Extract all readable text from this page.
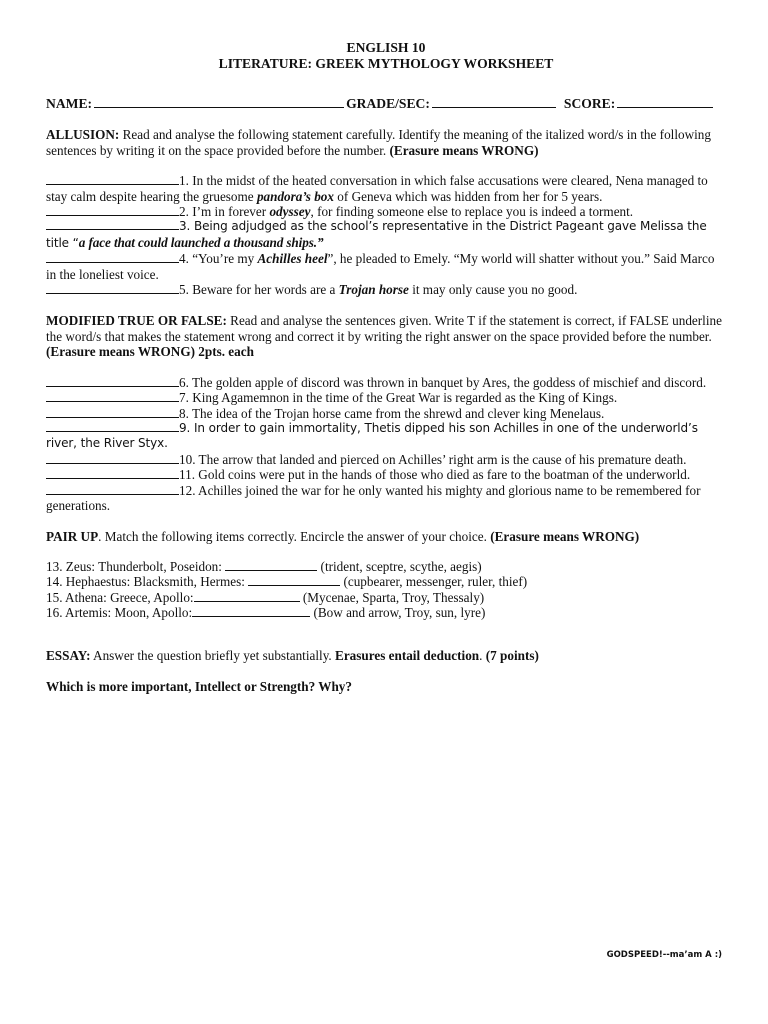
ENGLISH 10
LITERATURE: GREEK MYTHOLOGY WORKSHEET
NAME:	GRADE/SEC:	SCORE:

ALLUSION: Read and analyse the following statement carefully. Identify the meaning of the italized word/s in the following sentences by writing it on the space provided before the number. (Erasure means WRONG)

1. In the midst of the heated conversation in which false accusations were cleared, Nena managed to stay calm despite hearing the gruesome pandora’s box of Geneva which was hidden from her for 5 years.

2. I’m in forever odyssey, for finding someone else to replace you is indeed a torment.

3. Being adjudged as the school’s representative in the District Pageant gave Melissa the title “a face that could launched a thousand ships.”

4. “You’re my Achilles heel”, he pleaded to Emely. “My world will shatter without you.” Said Marco in the loneliest voice.

5. Beware for her words are a Trojan horse it may only cause you no good.

MODIFIED TRUE OR FALSE: Read and analyse the sentences given. Write T if the statement is correct, if FALSE underline the word/s that makes the statement wrong and correct it by writing the right answer on the space provided before the number. (Erasure means WRONG) 2pts. each

6. The golden apple of discord was thrown in banquet by Ares, the goddess of mischief and discord.

7. King Agamemnon in the time of the Great War is regarded as the King of Kings.

8. The idea of the Trojan horse came from the shrewd and clever king Menelaus.

9. In order to gain immortality, Thetis dipped his son Achilles in one of the underworld’s river, the River Styx.

10. The arrow that landed and pierced on Achilles’ right arm is the cause of his premature death.

11. Gold coins were put in the hands of those who died as fare to the boatman of the underworld.

12. Achilles joined the war for he only wanted his mighty and glorious name to be remembered for generations.

PAIR UP. Match the following items correctly. Encircle the answer of your choice. (Erasure means WRONG)

13. Zeus: Thunderbolt, Poseidon:	(trident, sceptre, scythe, aegis)

14. Hephaestus: Blacksmith, Hermes:	(cupbearer, messenger, ruler, thief)

15. Athena: Greece, Apollo:	(Mycenae, Sparta, Troy, Thessaly)

16. Artemis: Moon, Apollo:	(Bow and arrow, Troy, sun, lyre)

ESSAY: Answer the question briefly yet substantially. Erasures entail deduction. (7 points)

Which is more important, Intellect or Strength? Why?

GODSPEED!--ma’am A :)
